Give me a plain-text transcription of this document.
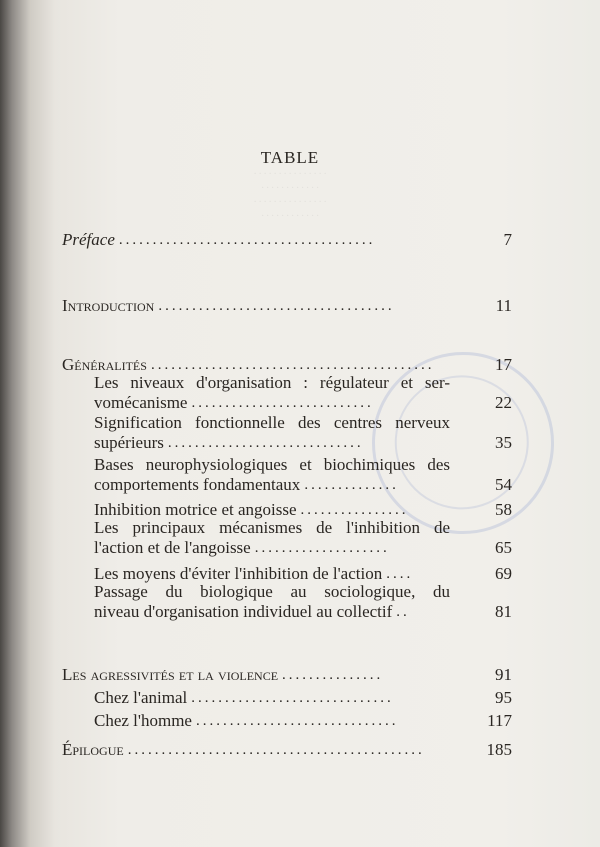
· · · · · · · · · · · · · · ·
· · · · · · · · · · · ·
· · · · · · · · · · · · · · ·
· · · · · · · · · · · ·
TABLE
Préface ......................................	7
Introduction ...................................	11
Généralités ..........................................	17
Les niveaux d'organisation : régulateur et ser-
vomécanisme ...........................	22
Signification fonctionnelle des centres nerveux
supérieurs .............................	35
Bases neurophysiologiques et biochimiques des
comportements fondamentaux ..............	54
Inhibition motrice et angoisse ................	58
Les principaux mécanismes de l'inhibition de
l'action et de l'angoisse ....................	65
Les moyens d'éviter l'inhibition de l'action ....	69
Passage du biologique au sociologique, du
niveau d'organisation individuel au collectif ..	81
Les agressivités et la violence ...............	91
Chez l'animal ..............................	95
Chez l'homme ..............................	117
Épilogue ............................................	185
